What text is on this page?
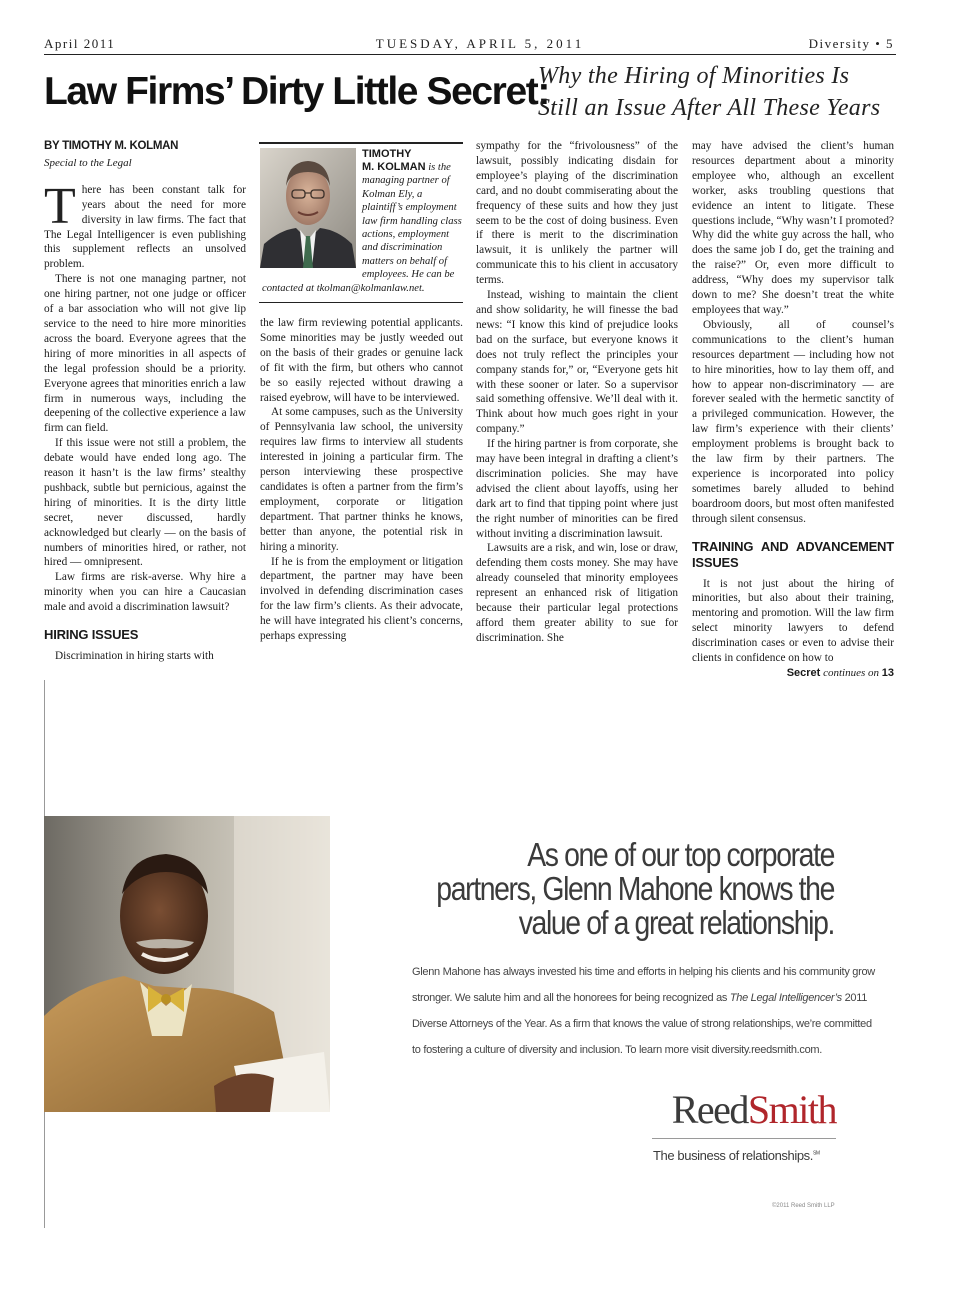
April 2011	TUESDAY, APRIL 5, 2011	Diversity • 5
Law Firms’ Dirty Little Secret:
Why the Hiring of Minorities Is
Still an Issue After All These Years
BY TIMOTHY M. KOLMAN
Special to the Legal

There has been constant talk for years about the need for more diversity in law firms. The fact that The Legal Intelligencer is even publishing this supplement reflects an unsolved problem.

There is not one managing partner, not one hiring partner, not one judge or officer of a bar association who will not give lip service to the need to hire more minorities across the board. Everyone agrees that the hiring of more minorities in all aspects of the legal profession should be a priority. Everyone agrees that minorities enrich a law firm in numerous ways, including the deepening of the collective experience a law firm can field.

If this issue were not still a problem, the debate would have ended long ago. The reason it hasn’t is the law firms’ stealthy pushback, subtle but pernicious, against the hiring of minorities. It is the dirty little secret, never discussed, hardly acknowledged but clearly — on the basis of numbers of minorities hired, or rather, not hired — omnipresent.

Law firms are risk-averse. Why hire a minority when you can hire a Caucasian male and avoid a discrimination lawsuit?

HIRING ISSUES

Discrimination in hiring starts with

TIMOTHY
M. KOLMAN is the managing partner of Kolman Ely, a plaintiff’s employment law firm handling class actions, employment and discrimination matters on behalf of employees. He can be contacted at tkolman@kolmanlaw.net.

the law firm reviewing potential applicants. Some minorities may be justly weeded out on the basis of their grades or genuine lack of fit with the firm, but others who cannot be so easily rejected without drawing a raised eyebrow, will have to be interviewed.

At some campuses, such as the University of Pennsylvania law school, the university requires law firms to interview all students interested in joining a particular firm. The person interviewing these prospective candidates is often a partner from the firm’s employment, corporate or litigation department. That partner thinks he knows, better than anyone, the potential risk in hiring a minority.

If he is from the employment or litigation department, the partner may have been involved in defending discrimination cases for the law firm’s clients. As their advocate, he will have integrated his client’s concerns, perhaps expressing

sympathy for the “frivolousness” of the lawsuit, possibly indicating disdain for employee’s playing of the discrimination card, and no doubt commiserating about the frequency of these suits and how they just seem to be the cost of doing business. Even if there is merit to the discrimination lawsuit, it is unlikely the partner will communicate this to his client in accusatory terms.

Instead, wishing to maintain the client and show solidarity, he will finesse the bad news: “I know this kind of prejudice looks bad on the surface, but everyone knows it does not truly reflect the principles your company stands for,” or, “Everyone gets hit with these sooner or later. So a supervisor said something offensive. We’ll deal with it. Think about how much goes right in your company.”

If the hiring partner is from corporate, she may have been integral in drafting a client’s discrimination policies. She may have advised the client about layoffs, using her dark art to find that tipping point where just the right number of minorities can be fired without inviting a discrimination lawsuit.

Lawsuits are a risk, and win, lose or draw, defending them costs money. She may have already counseled that minority employees represent an enhanced risk of litigation because their particular legal protections afford them greater ability to sue for discrimination. She

may have advised the client’s human resources department about a minority employee who, although an excellent worker, asks troubling questions that evidence an intent to litigate. These questions include, “Why wasn’t I promoted? Why did the white guy across the hall, who does the same job I do, get the training and the raise?” Or, even more difficult to address, “Why does my supervisor talk down to me? She doesn’t treat the white employees that way.”

Obviously, all of counsel’s communications to the client’s human resources department — including how not to hire minorities, how to lay them off, and how to appear non-discriminatory — are forever sealed with the hermetic sanctity of a privileged communication. However, the law firm’s experience with their clients’ employment problems is brought back to the law firm by their partners. The experience is incorporated into policy sometimes barely alluded to behind boardroom doors, but most often manifested through silent consensus.

TRAINING AND ADVANCEMENT ISSUES

It is not just about the hiring of minorities, but also about their training, mentoring and promotion. Will the law firm select minority lawyers to defend discrimination cases or even to advise their clients in confidence on how to

Secret continues on 13
As one of our top corporate
partners, Glenn Mahone knows the
value of a great relationship.
Glenn Mahone has always invested his time and efforts in helping his clients and his community grow
stronger. We salute him and all the honorees for being recognized as The Legal Intelligencer’s 2011
Diverse Attorneys of the Year. As a firm that knows the value of strong relationships, we’re committed
to fostering a culture of diversity and inclusion. To learn more visit diversity.reedsmith.com.
ReedSmith
The business of relationships.℠
©2011 Reed Smith LLP
